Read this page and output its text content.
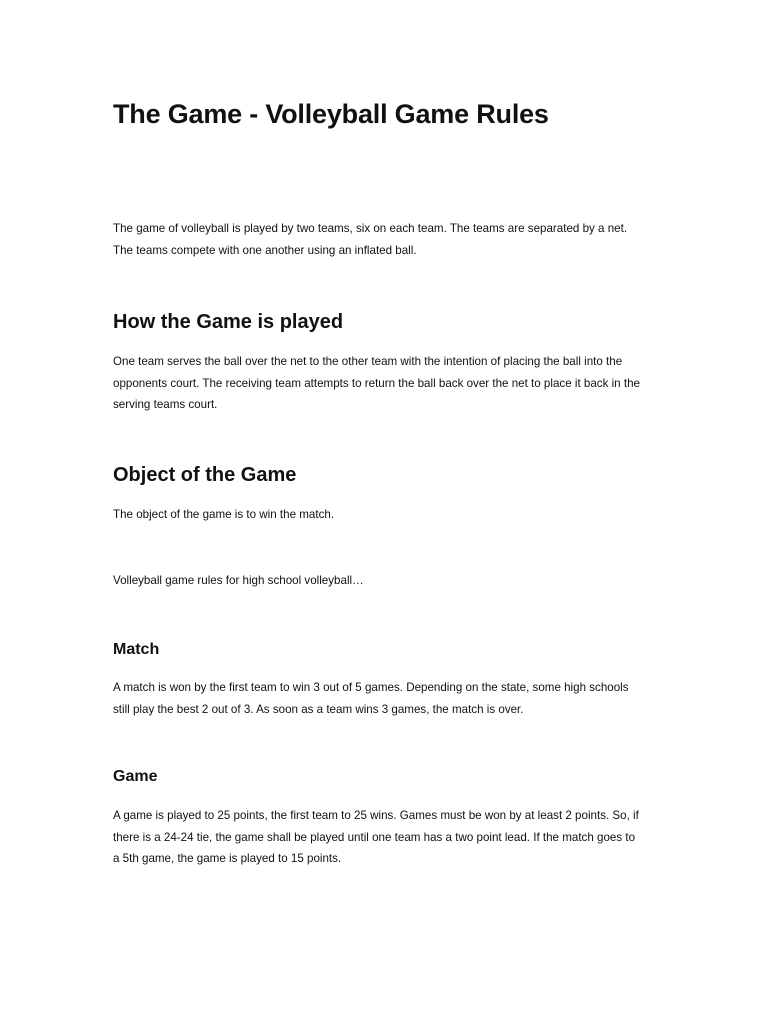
The Game - Volleyball Game Rules

The game of volleyball is played by two teams, six on each team. The teams are separated by a net. The teams compete with one another using an inflated ball.

How the Game is played

One team serves the ball over the net to the other team with the intention of placing the ball into the opponents court. The receiving team attempts to return the ball back over the net to place it back in the serving teams court.

Object of the Game

The object of the game is to win the match.

Volleyball game rules for high school volleyball…

Match

A match is won by the first team to win 3 out of 5 games. Depending on the state, some high schools still play the best 2 out of 3. As soon as a team wins 3 games, the match is over.

Game

A game is played to 25 points, the first team to 25 wins. Games must be won by at least 2 points. So, if there is a 24-24 tie, the game shall be played until one team has a two point lead. If the match goes to a 5th game, the game is played to 15 points.
